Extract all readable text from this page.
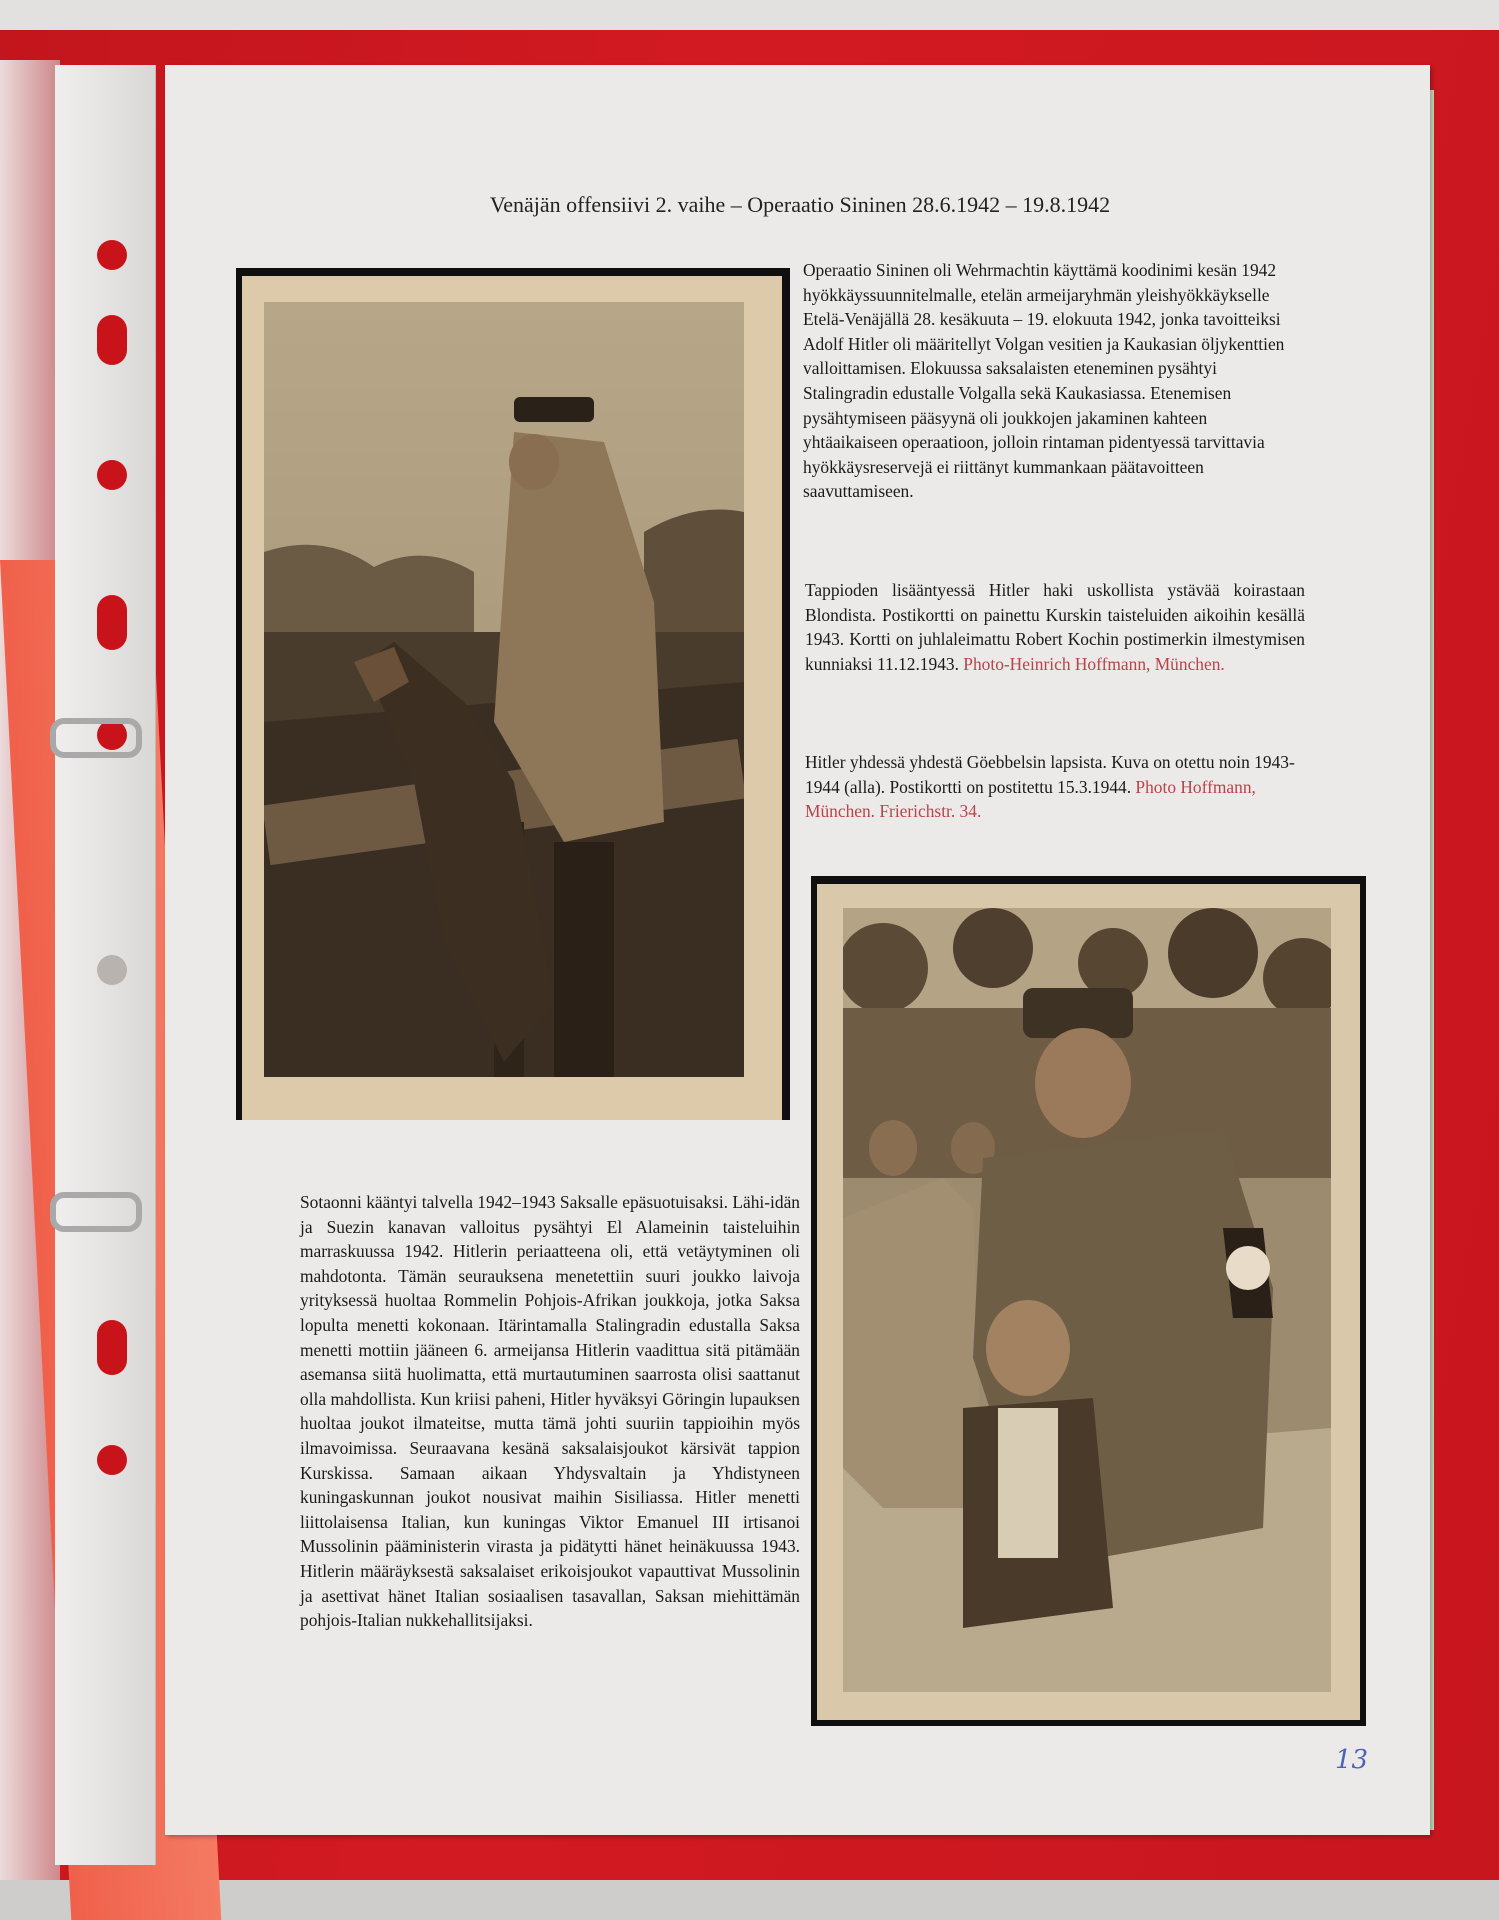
Venäjän offensiivi 2. vaihe – Operaatio Sininen 28.6.1942 – 19.8.1942

Operaatio Sininen oli Wehrmachtin käyttämä koodinimi kesän 1942 hyökkäyssuunnitelmalle, etelän armeijaryhmän yleishyökkäykselle Etelä-Venäjällä 28. kesäkuuta – 19. elokuuta 1942, jonka tavoitteiksi Adolf Hitler oli määritellyt Volgan vesitien ja Kaukasian öljykenttien valloittamisen. Elokuussa saksalaisten eteneminen pysähtyi Stalingradin edustalle Volgalla sekä Kaukasiassa. Etenemisen pysähtymiseen pääsyynä oli joukkojen jakaminen kahteen yhtäaikaiseen operaatioon, jolloin rintaman pidentyessä tarvittavia hyökkäysreservejä ei riittänyt kummankaan päätavoitteen saavuttamiseen.

Tappioden lisääntyessä Hitler haki uskollista ystävää koirastaan Blondista. Postikortti on painettu Kurskin taisteluiden aikoihin kesällä 1943. Kortti on juhlaleimattu Robert Kochin postimerkin ilmestymisen kunniaksi 11.12.1943. Photo-Heinrich Hoffmann, München.

Hitler yhdessä yhdestä Göebbelsin lapsista. Kuva on otettu noin 1943-1944 (alla). Postikortti on postitettu 15.3.1944. Photo Hoffmann, München. Frierichstr. 34.

Sotaonni kääntyi talvella 1942–1943 Saksalle epäsuotuisaksi. Lähi-idän ja Suezin kanavan valloitus pysähtyi El Alameinin taisteluihin marraskuussa 1942. Hitlerin periaatteena oli, että vetäytyminen oli mahdotonta. Tämän seurauksena menetettiin suuri joukko laivoja yrityksessä huoltaa Rommelin Pohjois-Afrikan joukkoja, jotka Saksa lopulta menetti kokonaan. Itärintamalla Stalingradin edustalla Saksa menetti mottiin jääneen 6. armeijansa Hitlerin vaadittua sitä pitämään asemansa siitä huolimatta, että murtautuminen saarrosta olisi saattanut olla mahdollista. Kun kriisi paheni, Hitler hyväksyi Göringin lupauksen huoltaa joukot ilmateitse, mutta tämä johti suuriin tappioihin myös ilmavoimissa. Seuraavana kesänä saksalaisjoukot kärsivät tappion Kurskissa. Samaan aikaan Yhdysvaltain ja Yhdistyneen kuningaskunnan joukot nousivat maihin Sisiliassa. Hitler menetti liittolaisensa Italian, kun kuningas Viktor Emanuel III irtisanoi Mussolinin pääministerin virasta ja pidätytti hänet heinäkuussa 1943. Hitlerin määräyksestä saksalaiset erikoisjoukot vapauttivat Mussolinin ja asettivat hänet Italian sosiaalisen tasavallan, Saksan miehittämän pohjois-Italian nukkehallitsijaksi.

13
